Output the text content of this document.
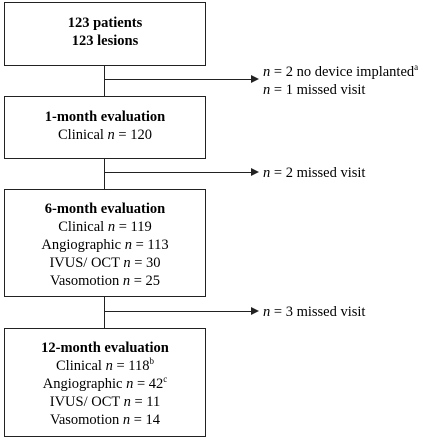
123 patients
123 lesions
1-month evaluation
Clinical n = 120
6-month evaluation
Clinical n = 119
Angiographic n = 113
IVUS/ OCT n = 30
Vasomotion n = 25
12-month evaluation
Clinical $n = 118^b$
Angiographic $n = 42^c$
IVUS/ OCT n = 11
Vasomotion n = 14
n = 2 no device implanted$^a$
n = 1 missed visit
n = 2 missed visit
n = 3 missed visit
